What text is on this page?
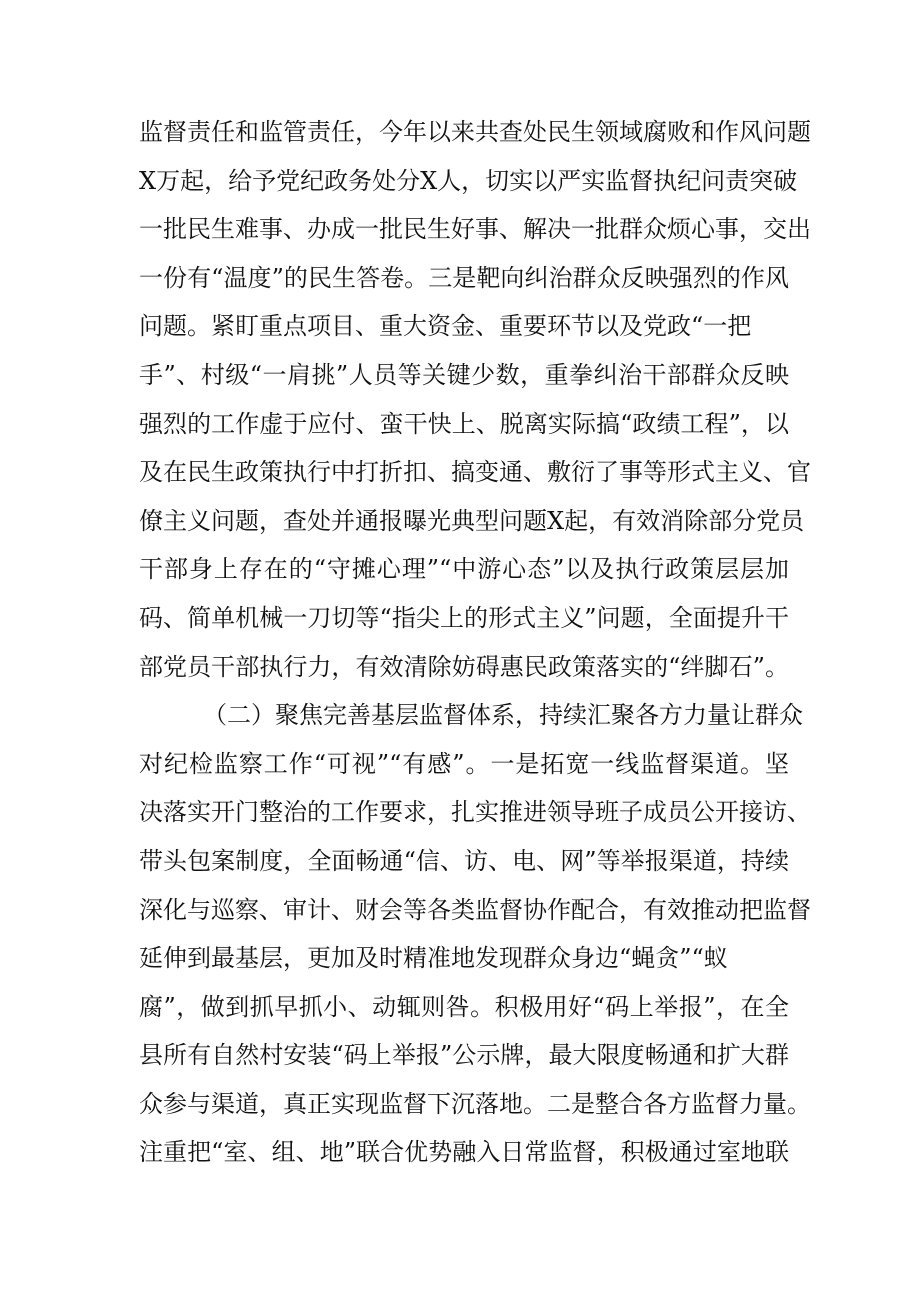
监督责任和监管责任，今年以来共查处民生领域腐败和作风问题
X万起，给予党纪政务处分X人，切实以严实监督执纪问责突破
一批民生难事、办成一批民生好事、解决一批群众烦心事，交出
一份有“温度”的民生答卷。三是靶向纠治群众反映强烈的作风
问题。紧盯重点项目、重大资金、重要环节以及党政“一把
手”、村级“一肩挑”人员等关键少数，重拳纠治干部群众反映
强烈的工作虚于应付、蛮干快上、脱离实际搞“政绩工程”，以
及在民生政策执行中打折扣、搞变通、敷衍了事等形式主义、官
僚主义问题，查处并通报曝光典型问题X起，有效消除部分党员
干部身上存在的“守摊心理”“中游心态”以及执行政策层层加
码、简单机械一刀切等“指尖上的形式主义”问题，全面提升干
部党员干部执行力，有效清除妨碍惠民政策落实的“绊脚石”。
（二）聚焦完善基层监督体系，持续汇聚各方力量让群众
对纪检监察工作“可视”“有感”。一是拓宽一线监督渠道。坚
决落实开门整治的工作要求，扎实推进领导班子成员公开接访、
带头包案制度，全面畅通“信、访、电、网”等举报渠道，持续
深化与巡察、审计、财会等各类监督协作配合，有效推动把监督
延伸到最基层，更加及时精准地发现群众身边“蝇贪”“蚁
腐”，做到抓早抓小、动辄则咎。积极用好“码上举报”，在全
县所有自然村安装“码上举报”公示牌，最大限度畅通和扩大群
众参与渠道，真正实现监督下沉落地。二是整合各方监督力量。
注重把“室、组、地”联合优势融入日常监督，积极通过室地联
